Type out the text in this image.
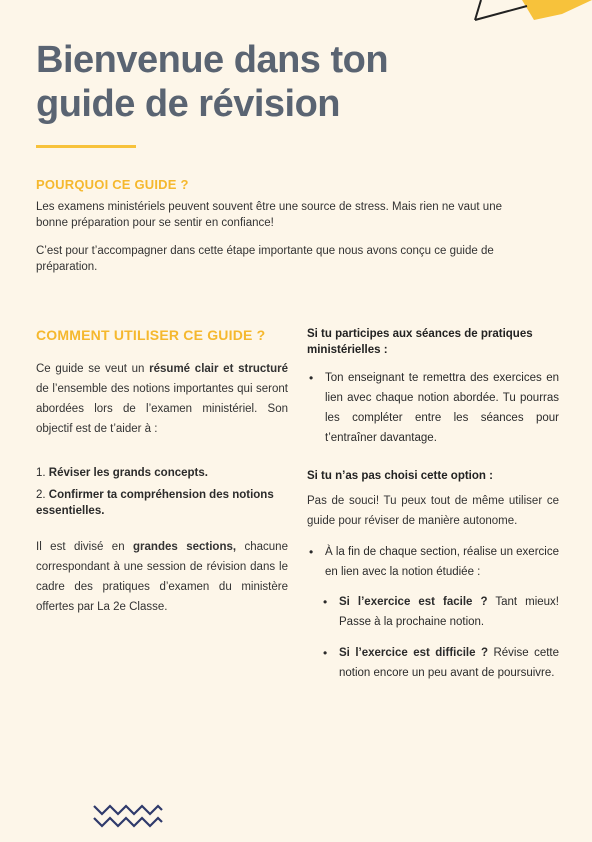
Bienvenue dans ton
guide de révision
POURQUOI CE GUIDE ?

Les examens ministériels peuvent souvent être une source de stress. Mais rien ne vaut une bonne préparation pour se sentir en confiance!

C’est pour t’accompagner dans cette étape importante que nous avons conçu ce guide de préparation.

COMMENT UTILISER CE GUIDE ?

Ce guide se veut un résumé clair et structuré de l’ensemble des notions importantes qui seront abordées lors de l’examen ministériel. Son objectif est de t’aider à :

1. Réviser les grands concepts.
2. Confirmer ta compréhension des notions essentielles.

Il est divisé en grandes sections, chacune correspondant à une session de révision dans le cadre des pratiques d’examen du ministère offertes par La 2e Classe.

Si tu participes aux séances de pratiques ministérielles :

• Ton enseignant te remettra des exercices en lien avec chaque notion abordée. Tu pourras les compléter entre les séances pour t’entraîner davantage.

Si tu n’as pas choisi cette option :

Pas de souci! Tu peux tout de même utiliser ce guide pour réviser de manière autonome.

• À la fin de chaque section, réalise un exercice en lien avec la notion étudiée :
• Si l’exercice est facile ? Tant mieux! Passe à la prochaine notion.
• Si l’exercice est difficile ? Révise cette notion encore un peu avant de poursuivre.
